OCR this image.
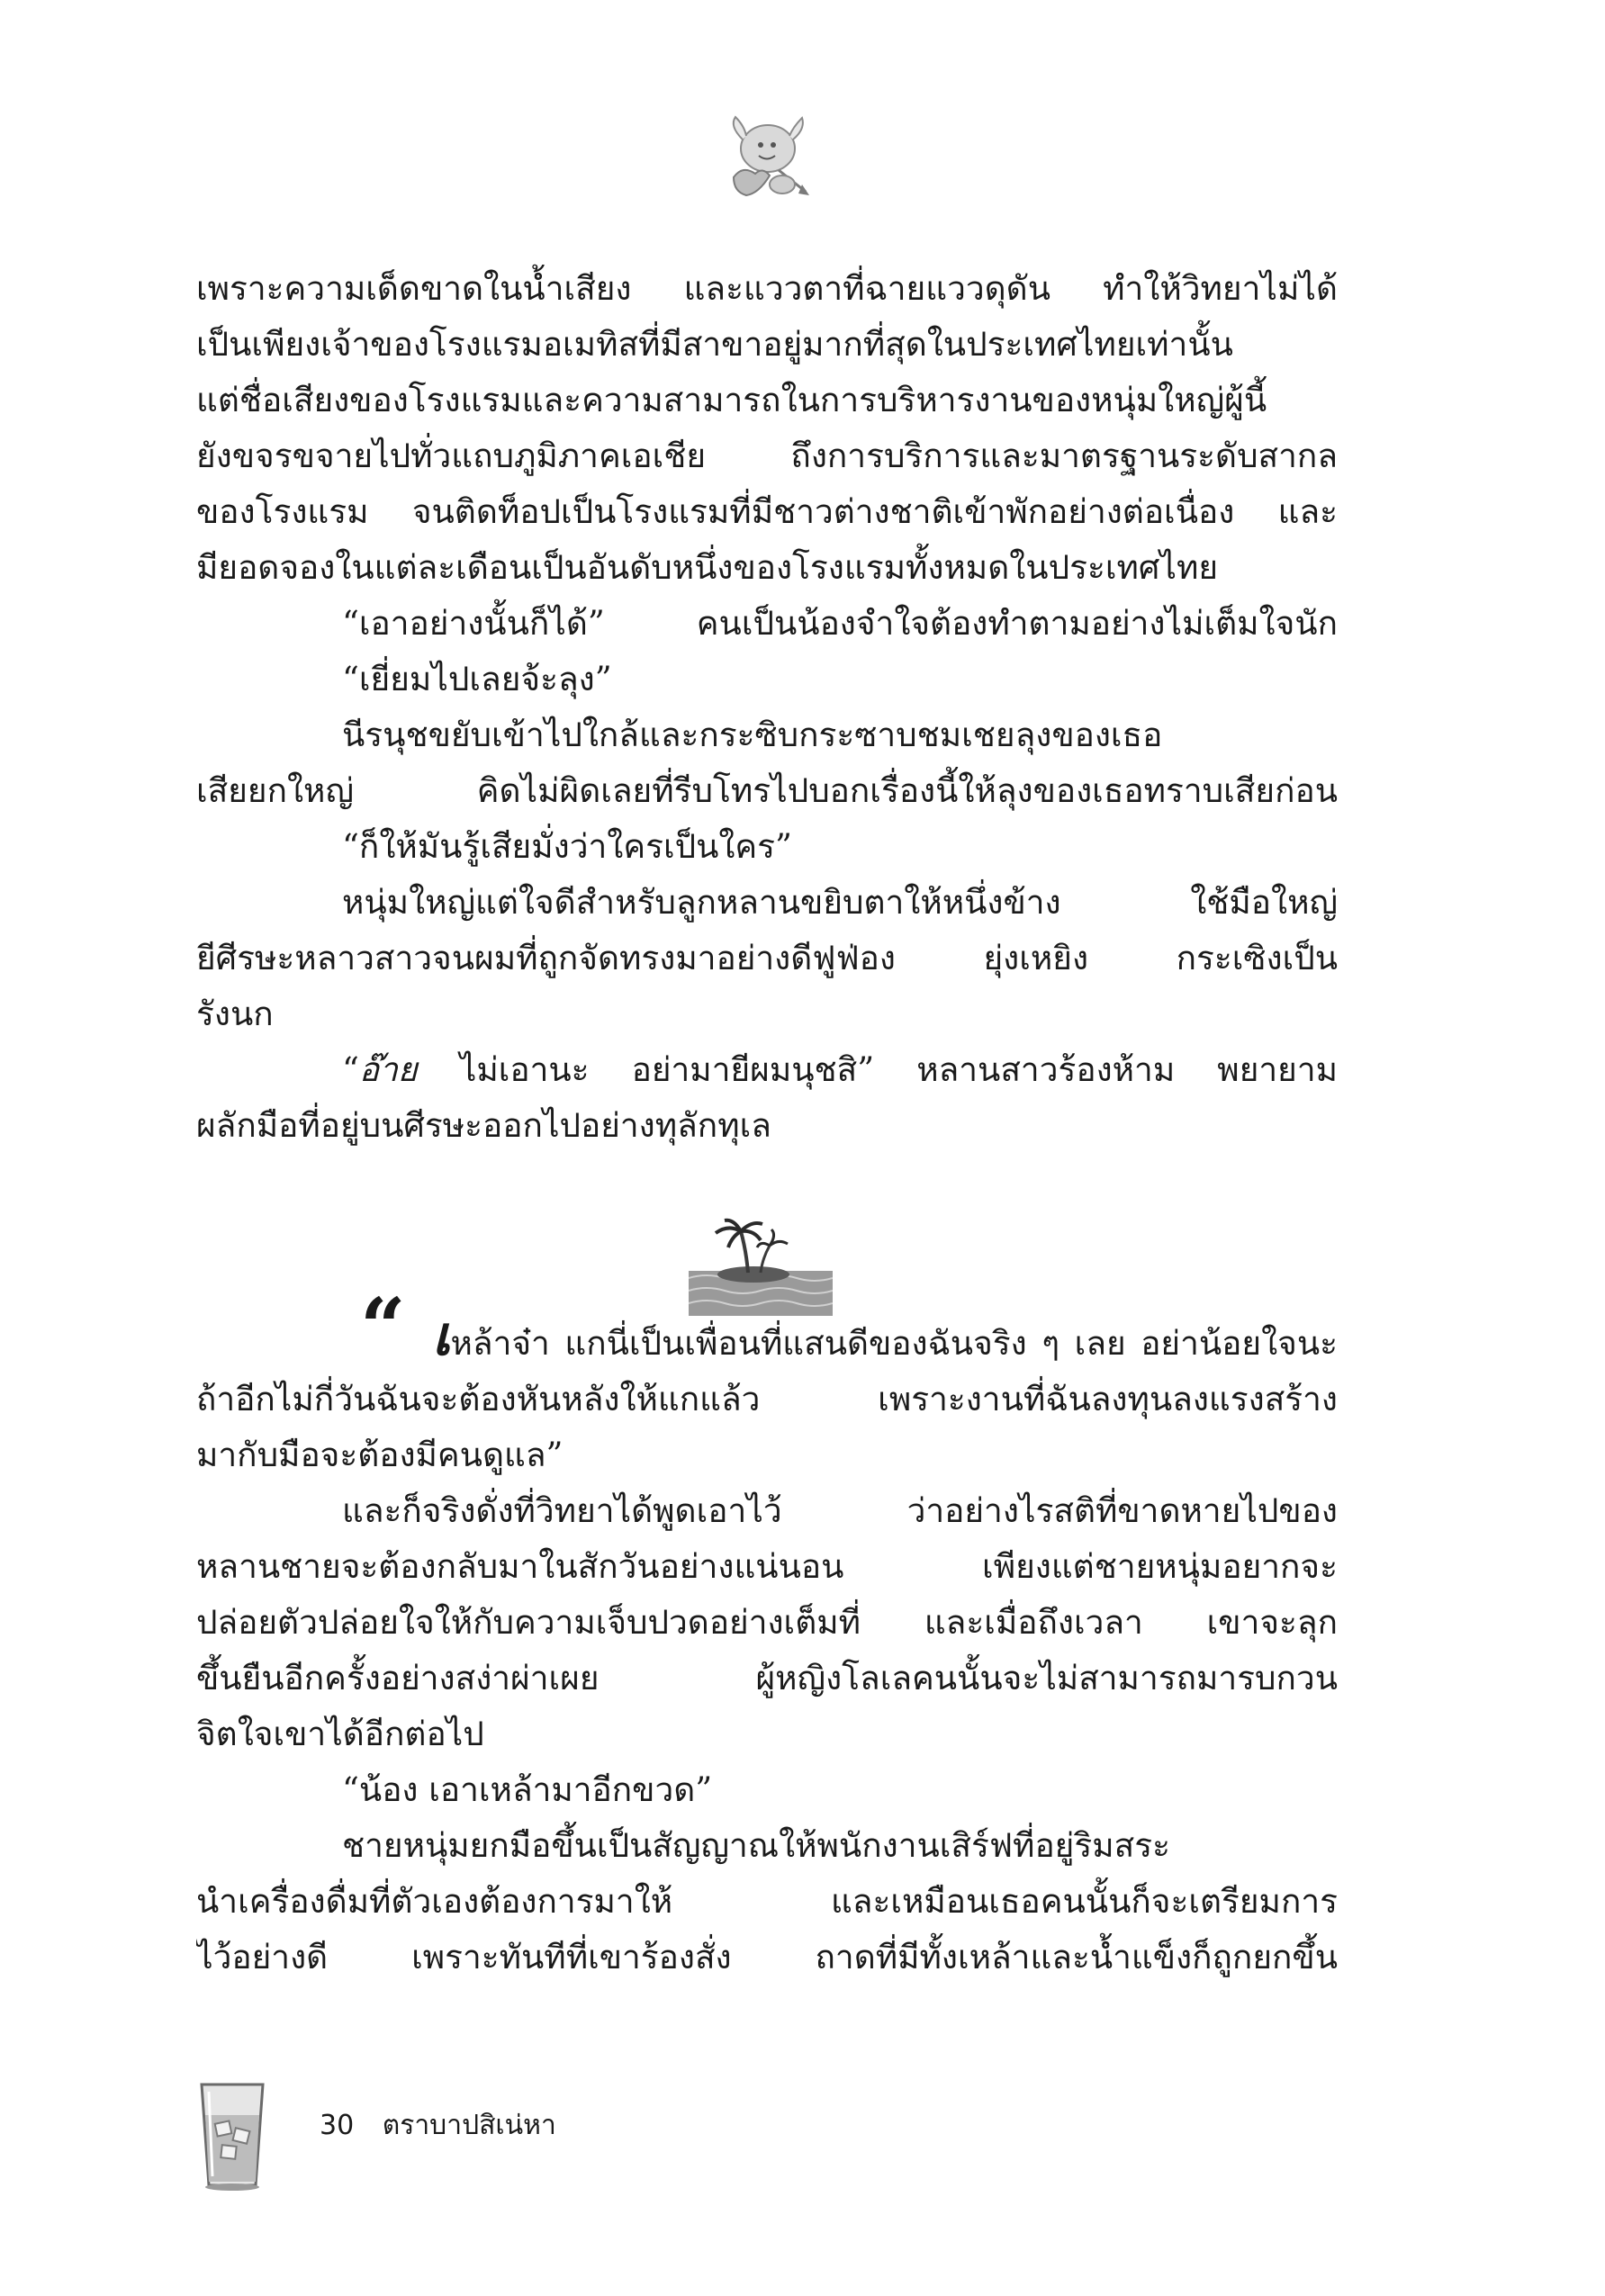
เพราะความเด็ดขาดในน้ำเสียง และแววตาที่ฉายแววดุดัน ทำให้วิทยาไม่ได้
เป็นเพียงเจ้าของโรงแรมอเมทิสที่มีสาขาอยู่มากที่สุดในประเทศไทยเท่านั้น
แต่ชื่อเสียงของโรงแรมและความสามารถในการบริหารงานของหนุ่มใหญ่ผู้นี้
ยังขจรขจายไปทั่วแถบภูมิภาคเอเชีย ถึงการบริการและมาตรฐานระดับสากล
ของโรงแรม จนติดท็อปเป็นโรงแรมที่มีชาวต่างชาติเข้าพักอย่างต่อเนื่อง และ
มียอดจองในแต่ละเดือนเป็นอันดับหนึ่งของโรงแรมทั้งหมดในประเทศไทย
“เอาอย่างนั้นก็ได้” คนเป็นน้องจำใจต้องทำตามอย่างไม่เต็มใจนัก
“เยี่ยมไปเลยจ้ะลุง”
นีรนุชขยับเข้าไปใกล้และกระซิบกระซาบชมเชยลุงของเธอ
เสียยกใหญ่ คิดไม่ผิดเลยที่รีบโทรไปบอกเรื่องนี้ให้ลุงของเธอทราบเสียก่อน
“ก็ให้มันรู้เสียมั่งว่าใครเป็นใคร”
หนุ่มใหญ่แต่ใจดีสำหรับลูกหลานขยิบตาให้หนึ่งข้าง ใช้มือใหญ่
ยีศีรษะหลาวสาวจนผมที่ถูกจัดทรงมาอย่างดีฟูฟ่อง ยุ่งเหยิง กระเซิงเป็น
รังนก
“อ๊าย ไม่เอานะ อย่ามายีผมนุชสิ” หลานสาวร้องห้าม พยายาม
ผลักมือที่อยู่บนศีรษะออกไปอย่างทุลักทุเล
“ เหล้าจ๋า แกนี่เป็นเพื่อนที่แสนดีของฉันจริง ๆ เลย อย่าน้อยใจนะ
ถ้าอีกไม่กี่วันฉันจะต้องหันหลังให้แกแล้ว เพราะงานที่ฉันลงทุนลงแรงสร้าง
มากับมือจะต้องมีคนดูแล”
และก็จริงดั่งที่วิทยาได้พูดเอาไว้ ว่าอย่างไรสติที่ขาดหายไปของ
หลานชายจะต้องกลับมาในสักวันอย่างแน่นอน เพียงแต่ชายหนุ่มอยากจะ
ปล่อยตัวปล่อยใจให้กับความเจ็บปวดอย่างเต็มที่ และเมื่อถึงเวลา เขาจะลุก
ขึ้นยืนอีกครั้งอย่างสง่าผ่าเผย ผู้หญิงโลเลคนนั้นจะไม่สามารถมารบกวน
จิตใจเขาได้อีกต่อไป
“น้อง เอาเหล้ามาอีกขวด”
ชายหนุ่มยกมือขึ้นเป็นสัญญาณให้พนักงานเสิร์ฟที่อยู่ริมสระ
นำเครื่องดื่มที่ตัวเองต้องการมาให้ และเหมือนเธอคนนั้นก็จะเตรียมการ
ไว้อย่างดี เพราะทันทีที่เขาร้องสั่ง ถาดที่มีทั้งเหล้าและน้ำแข็งก็ถูกยกขึ้น
30 ตราบาปสิเน่หา
